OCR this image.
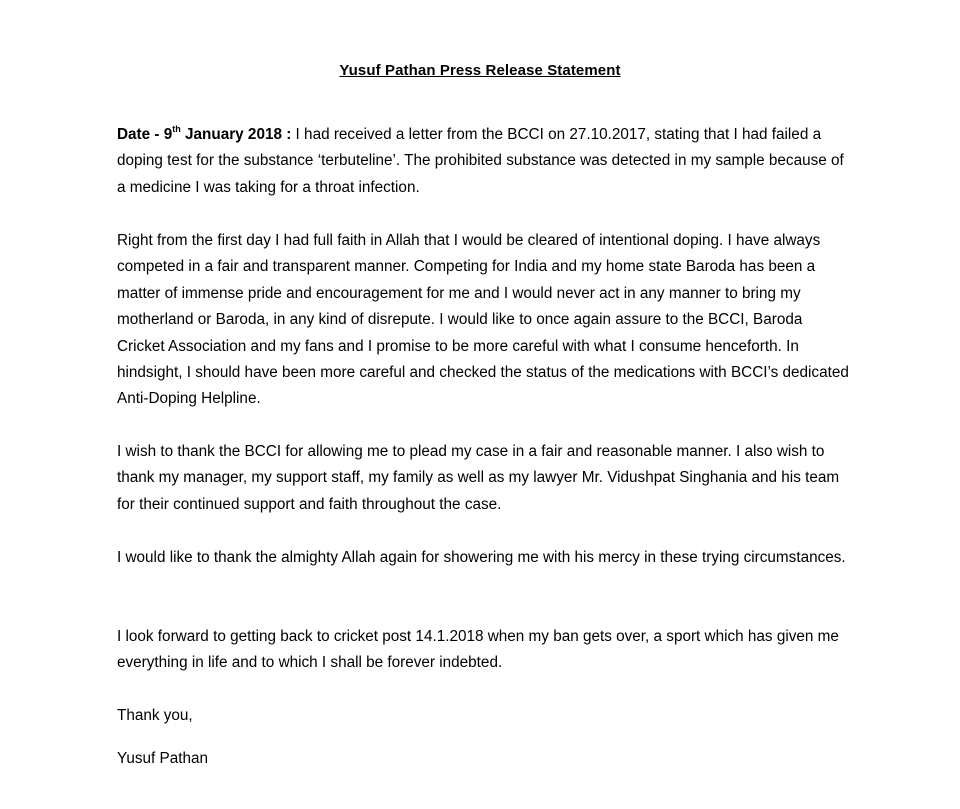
Yusuf Pathan Press Release Statement

Date - 9th January 2018 : I had received a letter from the BCCI on 27.10.2017, stating that I had failed a doping test for the substance ‘terbuteline’. The prohibited substance was detected in my sample because of a medicine I was taking for a throat infection.

Right from the first day I had full faith in Allah that I would be cleared of intentional doping. I have always competed in a fair and transparent manner. Competing for India and my home state Baroda has been a matter of immense pride and encouragement for me and I would never act in any manner to bring my motherland or Baroda, in any kind of disrepute. I would like to once again assure to the BCCI, Baroda Cricket Association and my fans and I promise to be more careful with what I consume henceforth. In hindsight, I should have been more careful and checked the status of the medications with BCCI’s dedicated Anti-Doping Helpline.

I wish to thank the BCCI for allowing me to plead my case in a fair and reasonable manner. I also wish to thank my manager, my support staff, my family as well as my lawyer Mr. Vidushpat Singhania and his team for their continued support and faith throughout the case.

I would like to thank the almighty Allah again for showering me with his mercy in these trying circumstances.

I look forward to getting back to cricket post 14.1.2018 when my ban gets over, a sport which has given me everything in life and to which I shall be forever indebted.

Thank you,

Yusuf Pathan
